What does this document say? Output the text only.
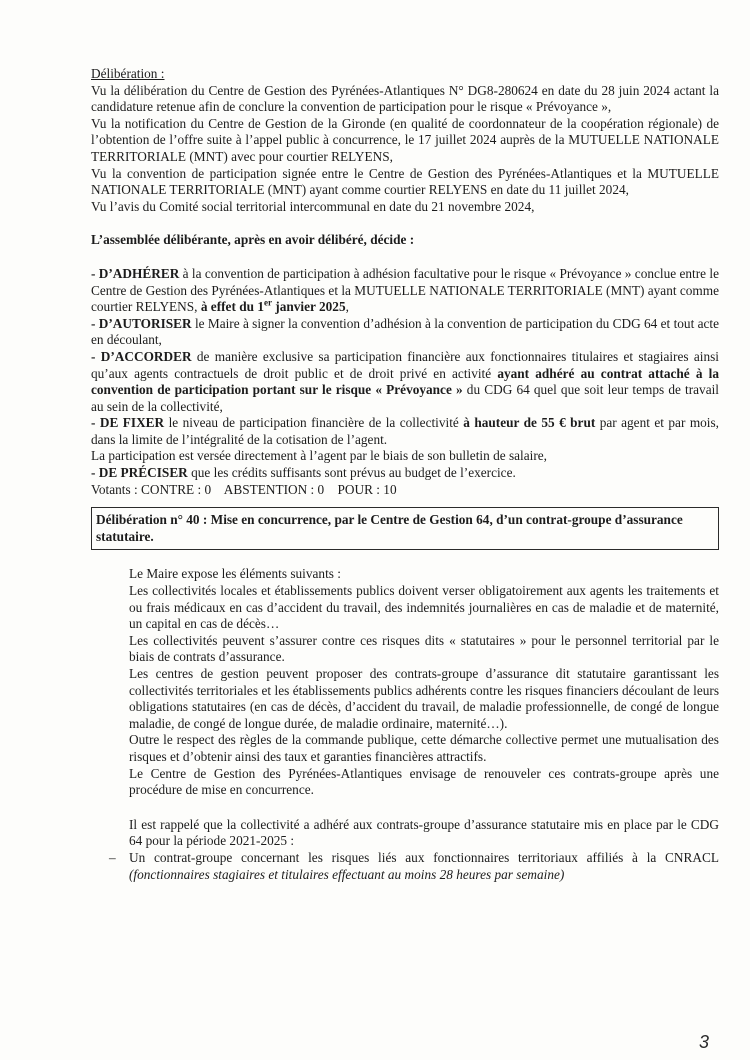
Délibération :

Vu la délibération du Centre de Gestion des Pyrénées-Atlantiques N° DG8-280624 en date du 28 juin 2024 actant la candidature retenue afin de conclure la convention de participation pour le risque « Prévoyance »,

Vu la notification du Centre de Gestion de la Gironde (en qualité de coordonnateur de la coopération régionale) de l’obtention de l’offre suite à l’appel public à concurrence, le 17 juillet 2024 auprès de la MUTUELLE NATIONALE TERRITORIALE (MNT) avec pour courtier RELYENS,

Vu la convention de participation signée entre le Centre de Gestion des Pyrénées-Atlantiques et la MUTUELLE NATIONALE TERRITORIALE (MNT) ayant comme courtier RELYENS en date du 11 juillet 2024,

Vu l’avis du Comité social territorial intercommunal en date du 21 novembre 2024,

L’assemblée délibérante, après en avoir délibéré, décide :

- D’ADHÉRER à la convention de participation à adhésion facultative pour le risque « Prévoyance » conclue entre le Centre de Gestion des Pyrénées-Atlantiques et la MUTUELLE NATIONALE TERRITORIALE (MNT) ayant comme courtier RELYENS, à effet du 1er janvier 2025,

- D’AUTORISER le Maire à signer la convention d’adhésion à la convention de participation du CDG 64 et tout acte en découlant,

- D’ACCORDER de manière exclusive sa participation financière aux fonctionnaires titulaires et stagiaires ainsi qu’aux agents contractuels de droit public et de droit privé en activité ayant adhéré au contrat attaché à la convention de participation portant sur le risque « Prévoyance » du CDG 64 quel que soit leur temps de travail au sein de la collectivité,

- DE FIXER le niveau de participation financière de la collectivité à hauteur de 55 € brut par agent et par mois, dans la limite de l’intégralité de la cotisation de l’agent.

La participation est versée directement à l’agent par le biais de son bulletin de salaire,

- DE PRÉCISER que les crédits suffisants sont prévus au budget de l’exercice.

Votants : CONTRE : 0    ABSTENTION : 0    POUR : 10

Délibération n° 40 : Mise en concurrence, par le Centre de Gestion 64, d’un contrat-groupe d’assurance statutaire.

Le Maire expose les éléments suivants :

Les collectivités locales et établissements publics doivent verser obligatoirement aux agents les traitements et ou frais médicaux en cas d’accident du travail, des indemnités journalières en cas de maladie et de maternité, un capital en cas de décès…

Les collectivités peuvent s’assurer contre ces risques dits « statutaires » pour le personnel territorial par le biais de contrats d’assurance.

Les centres de gestion peuvent proposer des contrats-groupe d’assurance dit statutaire garantissant les collectivités territoriales et les établissements publics adhérents contre les risques financiers découlant de leurs obligations statutaires (en cas de décès, d’accident du travail, de maladie professionnelle, de congé de longue maladie, de congé de longue durée, de maladie ordinaire, maternité…).

Outre le respect des règles de la commande publique, cette démarche collective permet une mutualisation des risques et d’obtenir ainsi des taux et garanties financières attractifs.

Le Centre de Gestion des Pyrénées-Atlantiques envisage de renouveler ces contrats-groupe après une procédure de mise en concurrence.

Il est rappelé que la collectivité a adhéré aux contrats-groupe d’assurance statutaire mis en place par le CDG 64 pour la période 2021-2025 :

–	Un contrat-groupe concernant les risques liés aux fonctionnaires territoriaux affiliés à la CNRACL (fonctionnaires stagiaires et titulaires effectuant au moins 28 heures par semaine)

3
